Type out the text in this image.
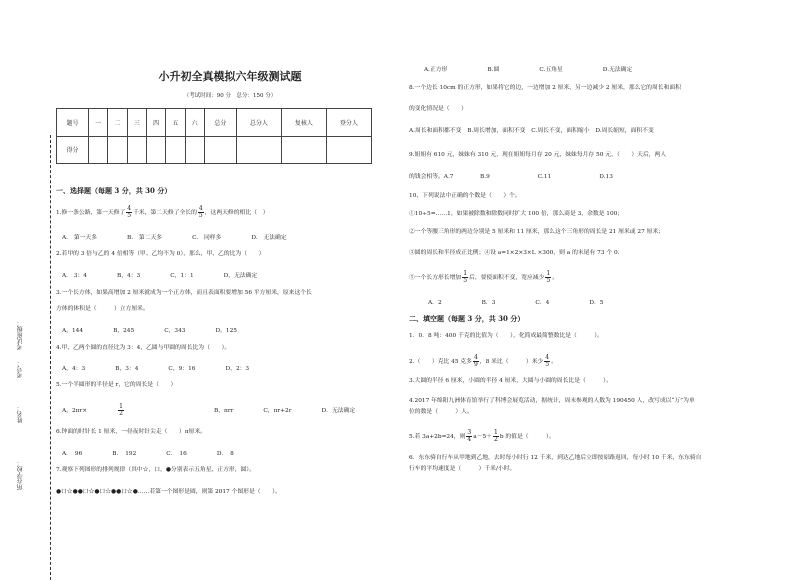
所在学校：
姓名：
考号：
考试班级：
小升初全真模拟六年级测试题
（考试时间：90 分　总分：150 分）
题号	一	二	三	四	五	六	总分	总分人	复核人	登分人
得分										
一、选择题（每题 3 分，共 30 分）
1.修一条公路，第一天修了 $\frac{4}{5}$ 千米，第二天修了全长的 $\frac{4}{5}$ ，这两天修的相比（　）
A.　第一天多	B.　第二天多	C.　同样多	D.　无法确定
2.若甲的 3 倍与乙的 4 倍相等（甲、乙均不为 0），那么，甲、乙的比为（　　）
A.　3：4	B，4：3	C，1：1	D，无法确定
3.一个长方体，如果高增加 2 厘米就成为一个正方体，而且表面积要增加 56 平方厘米，原来这个长
方体的体积是（　　　）立方厘米。
A，144	B，245	C，343	D，125
4.甲、乙两个圆的直径比为 3：4，乙圆与甲圆的周长比为（　　）。
A，4：3	B，3：4	C，9：16	D，2：3
5.一个半圆形的半径是 r，它的周长是（　　）
A，2πr×	$\frac{1}{2}$	B，πrr	C，πr+2r	D．无法确定
6.钟面的时针长 1 厘米，一昼夜时针尖走（　　）π厘米。
A．　96	B．　192	C．　16	D．　8
7.观察下列图形的排列规律（其中☆，口，●分别表示五角星、正方形，圆）。
●口☆●●口☆●口☆●●口☆●……若第一个图形是圆，则第 2017 个图形是（　　）。
A.正方形	B.圆	C.五角星	D.无法确定
8.一个边长 10cm 的正方形，如果将它的边，一边增加 2 厘米，另一边减少 2 厘米，那么它的周长和面积
的变化情况是（　　）
A.周长和面积都不变　B.周长增加，面积不变　C.周长不变，面积缩小　D.周长缩短，面积不变
9.姐姐有 610 元，妹妹有 310 元，现在姐姐每月存 20 元，妹妹每月存 50 元，（　　）天后，两人
的钱会相等。A.7	B.9	C.11	D.13
10、下列说法中正确的个数是（　　）个。
①10÷5=……1，如果被除数和除数同时扩大 100 倍，那么商是 3，余数是 100；
②一个等腰三角形的两边分别是 5 厘米和 11 厘米，那么这个三角形的周长是 21 厘米或 27 厘米；
③圆的周长和半径成正比例；④设 a=1×2×3×L ×300，则 a 的末尾有 73 个 0.
⑤一个长方形长增加 $\frac{1}{5}$ 后，要使面积不变，宽应减少 $\frac{1}{5}$ 。
A．2	B．3	C．4	D．5
二、填空题（每题 3 分，共 30 分）
1．0．8 吨：400 千克的比值为（　　），化简成最简整数比是（　　　）。
2.（　　）克比 45 克多 $\frac{4}{9}$ ，8 米比（　　　）米少 $\frac{4}{5}$ 。
3.大圆的半径 6 厘米，小圆的半径 4 厘米，大圆与小圆的周长比是（　　　）。
4.2017 年绵阳九洲体育馆举行了科博会展览活动，据统计，周末参观的人数为 190450 人，改写成以“万”为单
位的数是（　　　）人。
5.若 3a+2b=24，则 $\frac{3}{4} a-5+ \frac{1}{2}$ b 的值是（　　　）。
6．东东骑自行车从甲地到乙地，去时每小时行 12 千米，到达乙地后立即按原路返回，每小时 10 千米，东东骑自
行车的平均速度是（　　　）千米/小时。
